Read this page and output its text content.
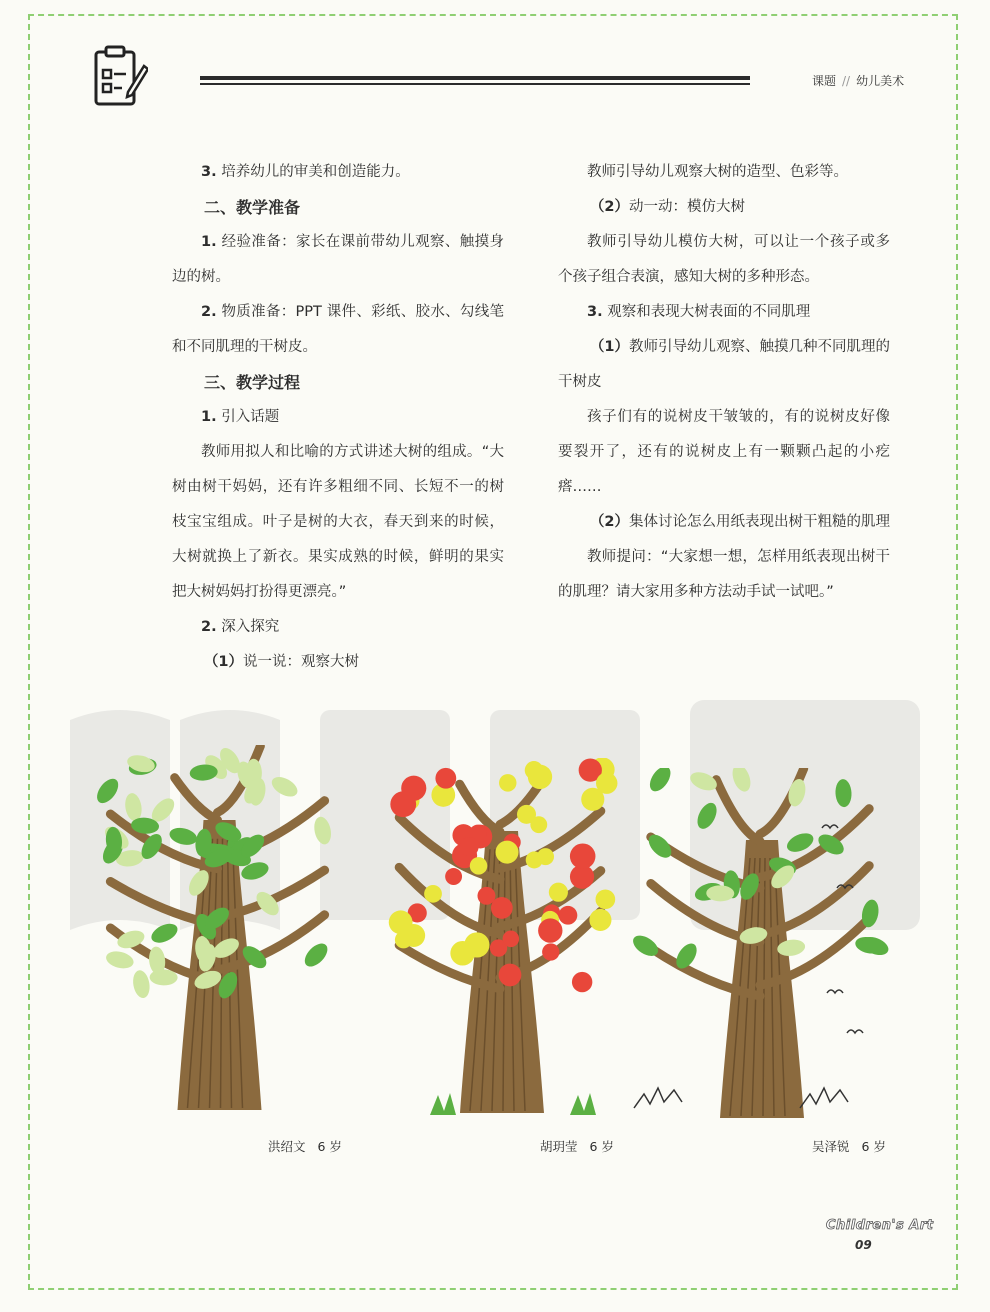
课题 // 幼儿美术

3. 培养幼儿的审美和创造能力。

二、教学准备

1. 经验准备：家长在课前带幼儿观察、触摸身边的树。

2. 物质准备：PPT 课件、彩纸、胶水、勾线笔和不同肌理的干树皮。

三、教学过程

1. 引入话题

教师用拟人和比喻的方式讲述大树的组成。“大树由树干妈妈，还有许多粗细不同、长短不一的树枝宝宝组成。叶子是树的大衣，春天到来的时候，大树就换上了新衣。果实成熟的时候，鲜明的果实把大树妈妈打扮得更漂亮。”

2. 深入探究

（1）说一说：观察大树

教师引导幼儿观察大树的造型、色彩等。

（2）动一动：模仿大树

教师引导幼儿模仿大树，可以让一个孩子或多个孩子组合表演，感知大树的多种形态。

3. 观察和表现大树表面的不同肌理

（1）教师引导幼儿观察、触摸几种不同肌理的干树皮

孩子们有的说树皮干皱皱的，有的说树皮好像要裂开了，还有的说树皮上有一颗颗凸起的小疙瘩……

（2）集体讨论怎么用纸表现出树干粗糙的肌理

教师提问：“大家想一想，怎样用纸表现出树干的肌理？请大家用多种方法动手试一试吧。”

洪绍文 6 岁	胡玥莹 6 岁	吴泽锐 6 岁
Children's Art
09
